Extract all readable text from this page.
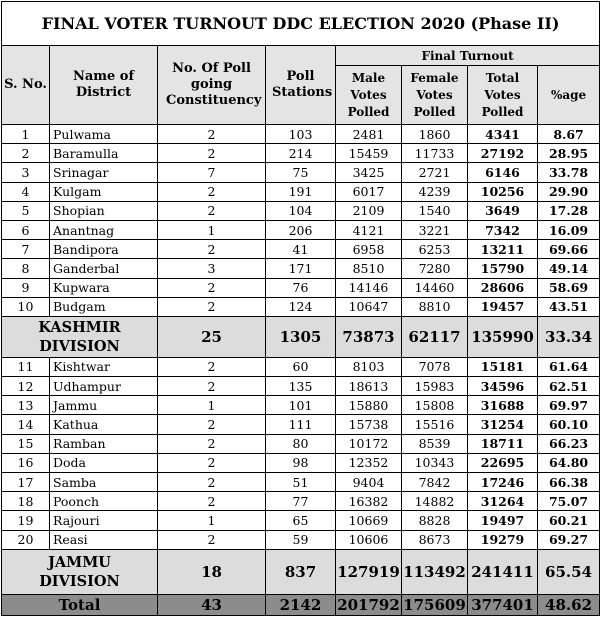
FINAL VOTER TURNOUT DDC ELECTION 2020 (Phase II)							
S. No.	Name of District	No. Of Poll going Constituency	Poll Stations	Final Turnout			

				Male Votes Polled	Female Votes Polled	Total Votes Polled	%age
1	Pulwama	2	103	2481	1860	4341	8.67
2	Baramulla	2	214	15459	11733	27192	28.95
3	Srinagar	7	75	3425	2721	6146	33.78
4	Kulgam	2	191	6017	4239	10256	29.90
5	Shopian	2	104	2109	1540	3649	17.28
6	Anantnag	1	206	4121	3221	7342	16.09
7	Bandipora	2	41	6958	6253	13211	69.66
8	Ganderbal	3	171	8510	7280	15790	49.14
9	Kupwara	2	76	14146	14460	28606	58.69
10	Budgam	2	124	10647	8810	19457	43.51

KASHMIR
DIVISION		25	1305	73873	62117	135990	33.34
11	Kishtwar	2	60	8103	7078	15181	61.64
12	Udhampur	2	135	18613	15983	34596	62.51
13	Jammu	1	101	15880	15808	31688	69.97
14	Kathua	2	111	15738	15516	31254	60.10
15	Ramban	2	80	10172	8539	18711	66.23
16	Doda	2	98	12352	10343	22695	64.80
17	Samba	2	51	9404	7842	17246	66.38
18	Poonch	2	77	16382	14882	31264	75.07
19	Rajouri	1	65	10669	8828	19497	60.21
20	Reasi	2	59	10606	8673	19279	69.27

JAMMU
DIVISION		18	837	127919	113492	241411	65.54
Total		43	2142	201792	175609	377401	48.62
